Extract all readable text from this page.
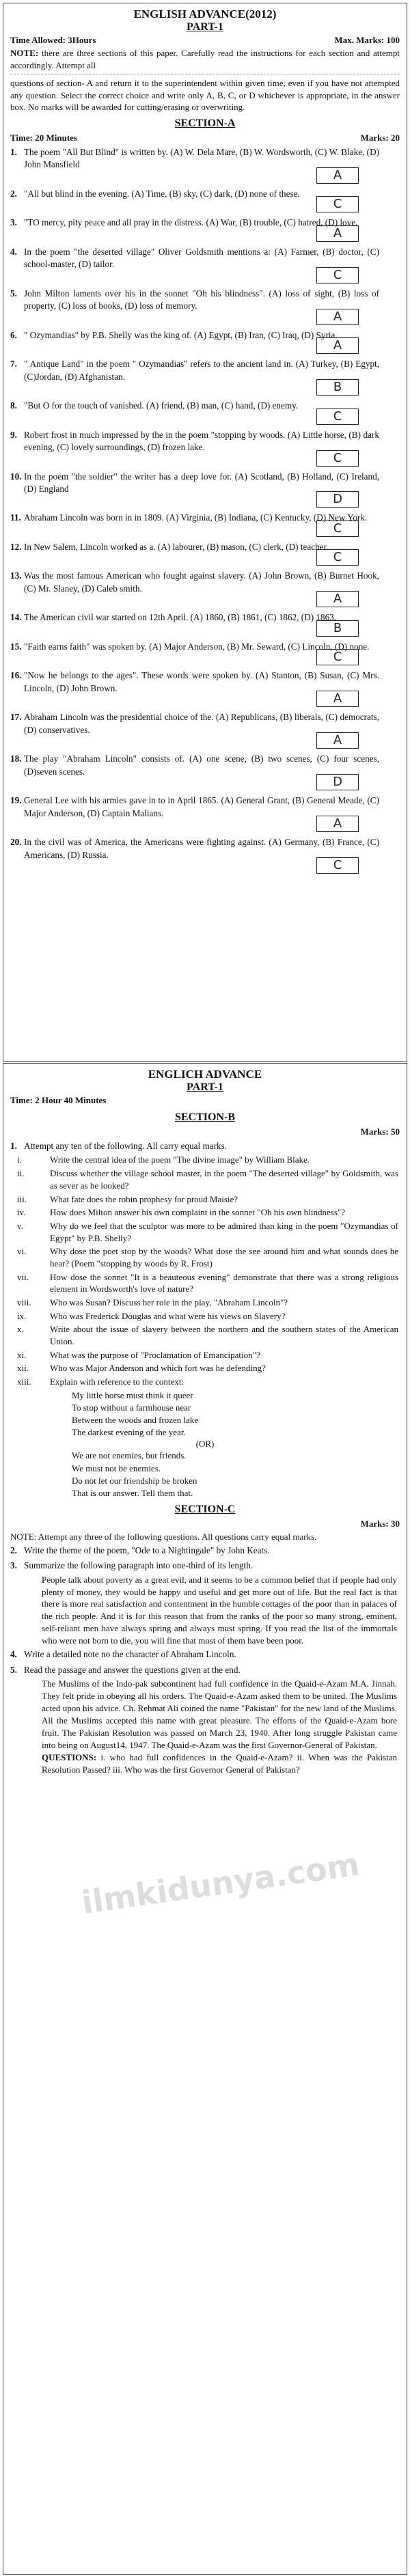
ENGLISH ADVANCE(2012)
PART-1
Time Allowed: 3Hours	Max. Marks: 100
NOTE: there are three sections of this paper. Carefully read the instructions for each section and attempt accordingly. Attempt all
questions of section- A and return it to the superintendent within given time, even if you have not attempted any question. Select the correct choice and write only A, B, C, or D whichever is appropriate, in the answer box. No marks will be awarded for cutting/erasing or overwriting.
SECTION-A
Time: 20 Minutes	Marks: 20
1. The poem "All But Blind" is written by. (A) W. Dela Mare, (B) W. Wordsworth, (C) W. Blake, (D) John Mansfield
A
2. "All but blind in the evening. (A) Time, (B) sky, (C) dark, (D) none of these.
C
3. "TO mercy, pity peace and all pray in the distress. (A) War, (B) trouble, (C) hatred, (D) love.
A
4. In the poem "the deserted village" Oliver Goldsmith mentions a: (A) Farmer, (B) doctor, (C) school-master, (D) tailor.
C
5. John Milton laments over his in the sonnet "Oh his blindness". (A) loss of sight, (B) loss of property, (C) loss of books, (D) loss of memory.
A
6. " Ozymandias" by P.B. Shelly was the king of. (A) Egypt, (B) Iran, (C) Iraq, (D) Syria.
A
7. " Antique Land" in the poem " Ozymandias" refers to the ancient land in. (A) Turkey, (B) Egypt, (C)Jordan, (D) Afghanistan.
B
8. "But O for the touch of vanished. (A) friend, (B) man, (C) hand, (D) enemy.
C
9. Robert frost in much impressed by the in the poem "stopping by woods. (A) Little horse, (B) dark evening, (C) lovely surroundings, (D) frozen lake.
C
10. In the poem "the soldier" the writer has a deep love for. (A) Scotland, (B) Holland, (C) Ireland, (D) England
D
11. Abraham Lincoln was born in in 1809. (A) Virginia, (B) Indiana, (C) Kentucky, (D) New York.
C
12. In New Salem, Lincoln worked as a. (A) labourer, (B) mason, (C) clerk, (D) teacher.
C
13. Was the most famous American who fought against slavery. (A) John Brown, (B) Burnet Hook, (C) Mr. Slaney, (D) Caleb smith.
A
14. The American civil war started on 12th April. (A) 1860, (B) 1861, (C) 1862, (D) 1863.
B
15. "Faith earns faith" was spoken by. (A) Major Anderson, (B) Mr. Seward, (C) Lincoln, (D) none.
C
16. "Now he belongs to the ages". These words were spoken by. (A) Stanton, (B) Susan, (C) Mrs. Lincoln, (D) John Brown.
A
17. Abraham Lincoln was the presidential choice of the. (A) Republicans, (B) liberals, (C) democrats, (D) conservatives.
A
18. The play "Abraham Lincoln" consists of. (A) one scene, (B) two scenes, (C) four scenes, (D)seven scenes.
D
19. General Lee with his armies gave in to in April 1865. (A) General Grant, (B) General Meade, (C) Major Anderson, (D) Captain Malians.
A
20. In the civil was of America, the Americans were fighting against. (A) Germany, (B) France, (C) Americans, (D) Russia.
C
ENGLICH ADVANCE
PART-1
Time: 2 Hour 40 Minutes
SECTION-B
Marks: 50
1. Attempt any ten of the following. All carry equal marks.
i.	Write the central idea of the poem "The divine image" by William Blake.
ii.	Discuss whether the village school master, in the poem "The deserted village" by Goldsmith, was as sever as he looked?
iii.	What fate does the robin prophesy for proud Maisie?
iv.	How does Milton answer his own complaint in the sonnet "Oh his own blindness"?
v.	Why do we feel that the sculptor was more to be admired than king in the poem "Ozymandias of Egypt" by P.B. Shelly?
vi.	Why dose the poet stop by the woods? What dose the see around him and what sounds does he hear? (Poem "stopping by woods by R. Frost)
vii.	How dose the sonnet "It is a beauteous evening" demonstrate that there was a strong religious element in Wordsworth's love of nature?
viii.	Who was Susan? Discuss her role in the play, "Abraham Lincoln"?
ix.	Who was Frederick Douglas and what were his views on Slavery?
x.	Write about the issue of slavery between the northern and the southern states of the American Union.
xi.	What was the purpose of "Proclamation of Emancipation"?
xii.	Who was Major Anderson and which fort was he defending?
xiii.	Explain with reference to the context:
My little horse must think it queer
To stop without a farmhouse near
Between the woods and frozen lake
The darkest evening of the year.
(OR)
We are not enemies, but friends.
We must not be enemies.
Do not let our friendship be broken
That is our answer. Tell them that.
SECTION-C
Marks: 30
NOTE: Attempt any three of the following questions. All questions carry equal marks.
2. Write the theme of the poem, "Ode to a Nightingale" by John Keats.
3. Summarize the following paragraph into one-third of its length.
People talk about poverty as a great evil, and it seems to be a common belief that if people had only plenty of money, they would be happy and useful and get more out of life. But the real fact is that there is more real satisfaction and contentment in the humble cottages of the poor than in palaces of the rich people. And it is for this reason that from the ranks of the poor so many strong, eminent, self-reliant men have always spring and always must spring. If you read the list of the immortals who were not born to die, you will fine that most of them have been poor.
4. Write a detailed note no the character of Abraham Lincoln.
5. Read the passage and answer the questions given at the end.
The Muslims of the Indo-pak subcontinent had full confidence in the Quaid-e-Azam M.A. Jinnah. They felt pride in obeying all his orders. The Quaid-e-Azam asked them to be united. The Muslims acted upon his advice. Ch. Rehmat Ali coined the name "Pakistan" for the new land of the Muslims. All the Muslims accepted this name with great pleasure. The efforts of the Quaid-e-Azam bore fruit. The Pakistan Resolution was passed on March 23, 1940. After long struggle Pakistan came into being on August14, 1947. The Quaid-e-Azam was the first Governor-General of Pakistan.
QUESTIONS: i. who had full confidences in the Quaid-e-Azam? ii. When was the Pakistan Resolution Passed? iii. Who was the first Governor General of Pakistan?
ilmkidunya.com
